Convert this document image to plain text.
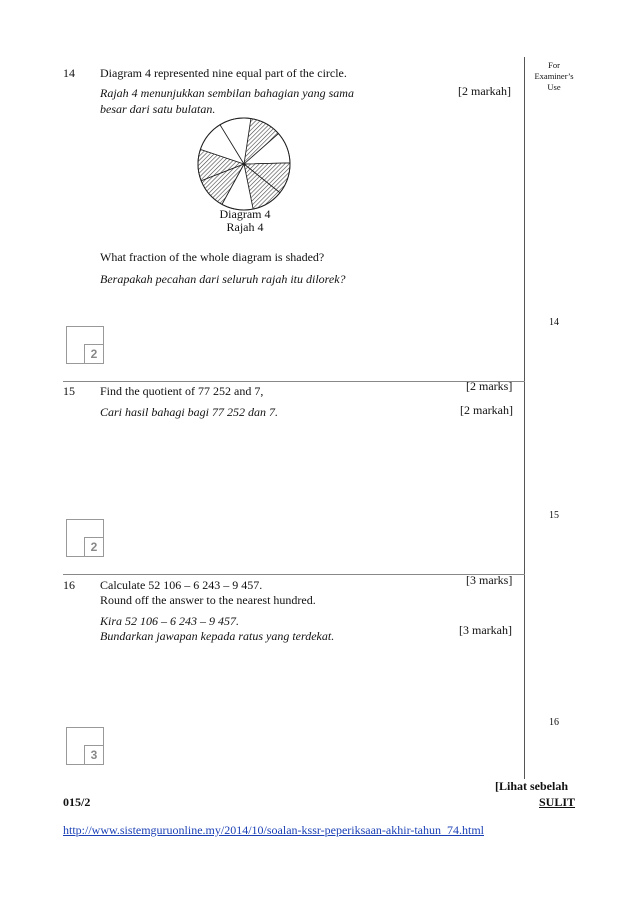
For
Examiner’s
Use
14 Diagram 4 represented nine equal part of the circle.
Rajah 4 menunjukkan sembilan bahagian yang sama
besar dari satu bulatan.
[2 markah]
Diagram 4
Rajah 4
What fraction of the whole diagram is shaded?
Berapakah pecahan dari seluruh rajah itu dilorek?
14
2
15 Find the quotient of 77 252 and 7,	[2 marks]
Cari hasil bahagi bagi 77 252 dan 7.	[2 markah]
15
2
16 Calculate 52 106 – 6 243 – 9 457.
Round off the answer to the nearest hundred.
[3 marks]
Kira 52 106 – 6 243 – 9 457.
Bundarkan jawapan kepada ratus yang terdekat.	[3 markah]
16
3
[Lihat sebelah
015/2	SULIT
http://www.sistemguruonline.my/2014/10/soalan-kssr-peperiksaan-akhir-tahun_74.html
